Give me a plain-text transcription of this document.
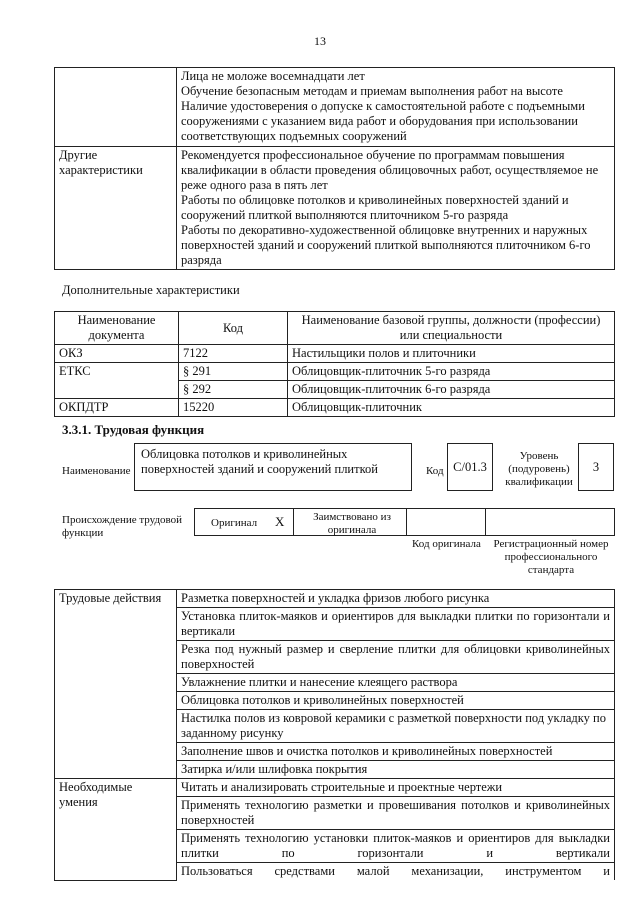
13

	Лица не моложе восемнадцати лет
Обучение безопасным методам и приемам выполнения работ на высоте
Наличие удостоверения о допуске к самостоятельной работе с подъемными сооружениями с указанием вида работ и оборудования при использовании соответствующих подъемных сооружений

Другие характеристики	Рекомендуется профессиональное обучение по программам повышения квалификации в области проведения облицовочных работ, осуществляемое не реже одного раза в пять лет
Работы по облицовке потолков и криволинейных поверхностей зданий и сооружений плиткой выполняются плиточником 5-го разряда
Работы по декоративно-художественной облицовке внутренних и наружных поверхностей зданий и сооружений плиткой выполняются плиточником 6-го разряда
Дополнительные характеристики
Наименование документа	Код	Наименование базовой группы, должности (профессии) или специальности
ОКЗ	7122	Настильщики полов и плиточники
ЕТКС	§ 291	Облицовщик-плиточник 5-го разряда
	§ 292	Облицовщик-плиточник 6-го разряда
ОКПДТР	15220	Облицовщик-плиточник
3.3.1. Трудовая функция
Наименование
Облицовка потолков и криволинейных поверхностей зданий и сооружений плиткой	Код С/01.3
Уровень (подуровень) квалификации
3
Происхождение трудовой функции
Оригинал X	Заимствовано из оригинала
Код оригинала	Регистрационный номер профессионального стандарта
Трудовые действия	Разметка поверхностей и укладка фризов любого рисунка
	Установка плиток-маяков и ориентиров для выкладки плитки по горизонтали и вертикали
	Резка под нужный размер и сверление плитки для облицовки криволинейных поверхностей
	Увлажнение плитки и нанесение клеящего раствора
	Облицовка потолков и криволинейных поверхностей
	Настилка полов из ковровой керамики с разметкой поверхности под укладку по заданному рисунку
	Заполнение швов и очистка потолков и криволинейных поверхностей
	Затирка и/или шлифовка покрытия
Необходимые умения	Читать и анализировать строительные и проектные чертежи
	Применять технологию разметки и провешивания потолков и криволинейных поверхностей
	Применять технологию установки плиток-маяков и ориентиров для выкладки плитки по горизонтали и вертикали
	Пользоваться средствами малой механизации, инструментом и
